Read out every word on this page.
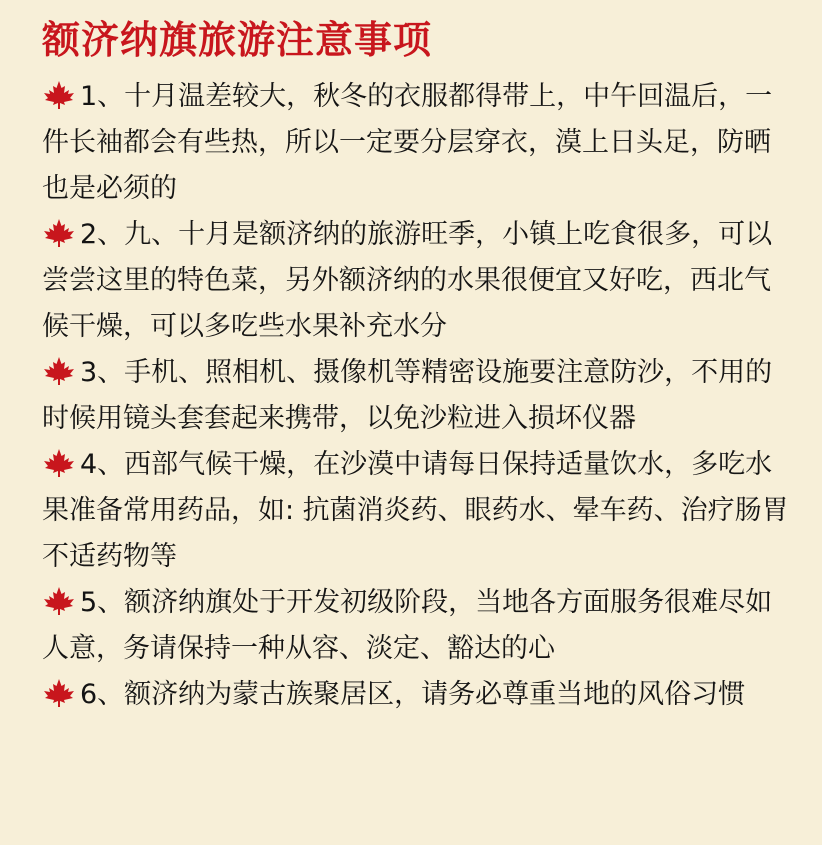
额济纳旗旅游注意事项

1、十月温差较大，秋冬的衣服都得带上，中午回温后，一件长袖都会有些热，所以一定要分层穿衣，漠上日头足，防晒也是必须的

2、九、十月是额济纳的旅游旺季，小镇上吃食很多，可以尝尝这里的特色菜，另外额济纳的水果很便宜又好吃，西北气候干燥，可以多吃些水果补充水分

3、手机、照相机、摄像机等精密设施要注意防沙，不用的时候用镜头套套起来携带，以免沙粒进入损坏仪器

4、西部气候干燥，在沙漠中请每日保持适量饮水，多吃水果准备常用药品，如: 抗菌消炎药、眼药水、晕车药、治疗肠胃不适药物等

5、额济纳旗处于开发初级阶段，当地各方面服务很难尽如人意，务请保持一种从容、淡定、豁达的心

6、额济纳为蒙古族聚居区，请务必尊重当地的风俗习惯
